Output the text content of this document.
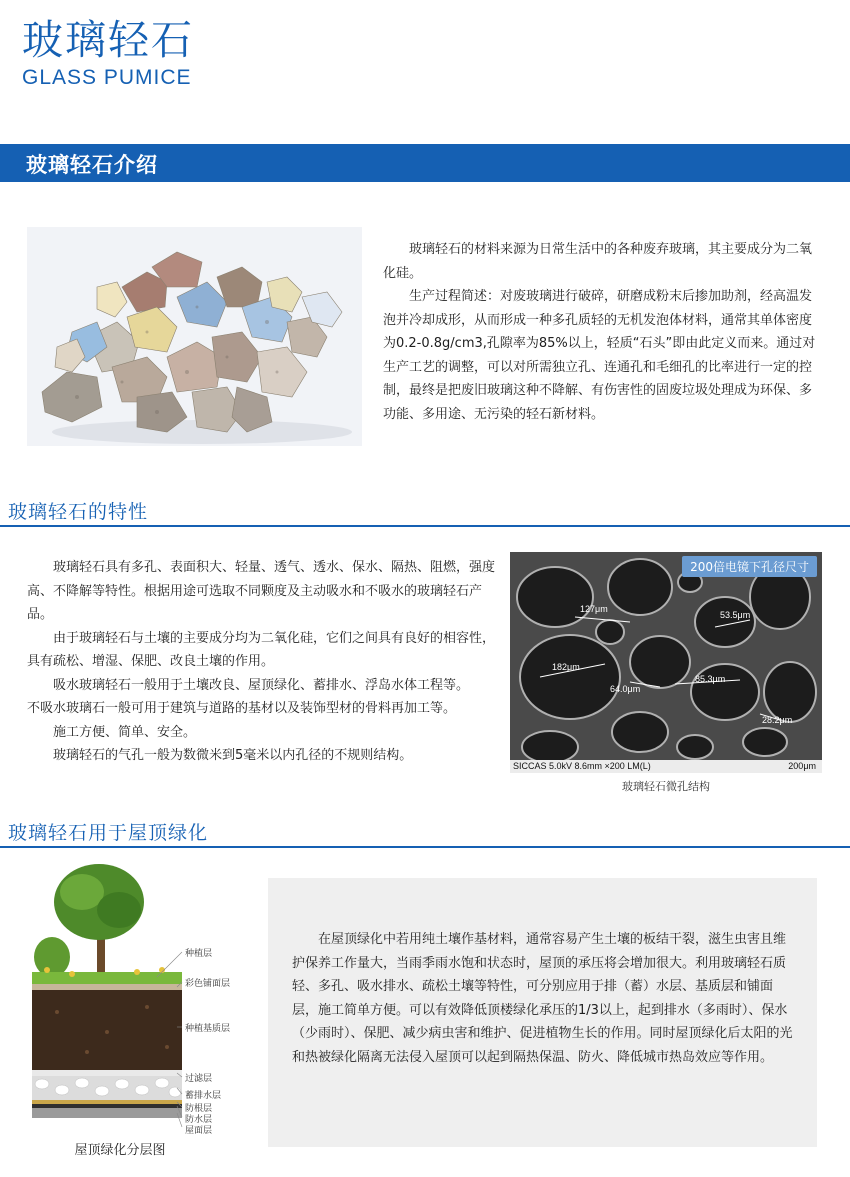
玻璃轻石
GLASS PUMICE
玻璃轻石介绍

玻璃轻石的材料来源为日常生活中的各种废弃玻璃，其主要成分为二氧化硅。

生产过程简述：对废玻璃进行破碎，研磨成粉末后掺加助剂，经高温发泡并冷却成形，从而形成一种多孔质轻的无机发泡体材料，通常其单体密度为0.2-0.8g/cm3,孔隙率为85%以上，轻质“石头”即由此定义而来。通过对生产工艺的调整，可以对所需独立孔、连通孔和毛细孔的比率进行一定的控制，最终是把废旧玻璃这种不降解、有伤害性的固废垃圾处理成为环保、多功能、多用途、无污染的轻石新材料。

玻璃轻石的特性

玻璃轻石具有多孔、表面积大、轻量、透气、透水、保水、隔热、阻燃，强度高、不降解等特性。根据用途可选取不同颗度及主动吸水和不吸水的玻璃轻石产品。

由于玻璃轻石与土壤的主要成分均为二氧化硅，它们之间具有良好的相容性，具有疏松、增湿、保肥、改良土壤的作用。

吸水玻璃轻石一般用于土壤改良、屋顶绿化、蓄排水、浮岛水体工程等。

不吸水玻璃石一般可用于建筑与道路的基材以及装饰型材的骨料再加工等。

施工方便、简单、安全。

玻璃轻石的气孔一般为数微米到5毫米以内孔径的不规则结构。

200倍电镜下孔径尺寸
127μm
53.5μm
182μm
64.0μm
85.3μm
28.2μm
SICCAS 5.0kV 8.6mm ×200 LM(L)	200μm
玻璃轻石微孔结构
玻璃轻石用于屋顶绿化
种植层
彩色铺面层
种植基质层
过滤层
蓄排水层
防根层
防水层
屋面层
屋顶绿化分层图

在屋顶绿化中若用纯土壤作基材料，通常容易产生土壤的板结干裂，滋生虫害且维护保养工作量大，当雨季雨水饱和状态时，屋顶的承压将会增加很大。利用玻璃轻石质轻、多孔、吸水排水、疏松土壤等特性，可分别应用于排（蓄）水层、基质层和铺面层，施工简单方便。可以有效降低顶楼绿化承压的1/3以上，起到排水（多雨时）、保水（少雨时）、保肥、减少病虫害和维护、促进植物生长的作用。同时屋顶绿化后太阳的光和热被绿化隔离无法侵入屋顶可以起到隔热保温、防火、降低城市热岛效应等作用。
